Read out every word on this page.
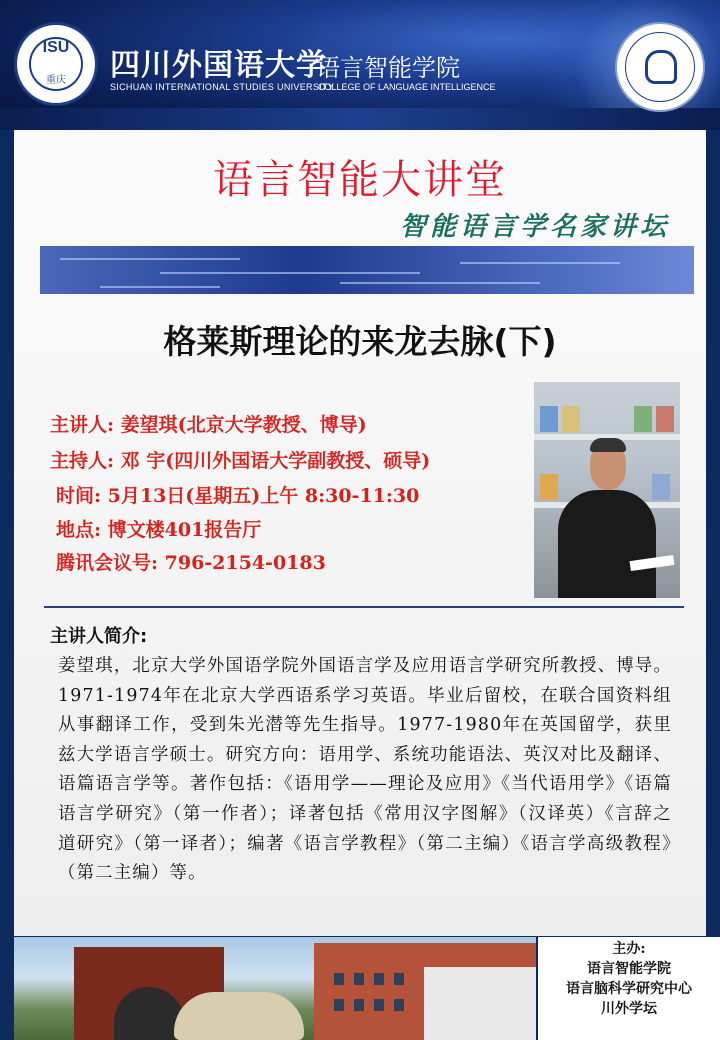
ISU
重庆	四川外国语大学
语言智能学院
SICHUAN INTERNATIONAL STUDIES UNIVERSITY
COLLEGE OF LANGUAGE INTELLIGENCE
语言智能大讲堂
智能语言学名家讲坛
格莱斯理论的来龙去脉(下)
主讲人: 姜望琪(北京大学教授、博导)
主持人: 邓 宇(四川外国语大学副教授、硕导)
时间: 5月13日(星期五)上午 8:30-11:30
地点: 博文楼401报告厅
腾讯会议号: 796-2154-0183
主讲人简介:
姜望琪，北京大学外国语学院外国语言学及应用语言学研究所教授、博导。1971-1974年在北京大学西语系学习英语。毕业后留校，在联合国资料组从事翻译工作，受到朱光潜等先生指导。1977-1980年在英国留学，获里兹大学语言学硕士。研究方向：语用学、系统功能语法、英汉对比及翻译、语篇语言学等。著作包括：《语用学——理论及应用》《当代语用学》《语篇语言学研究》（第一作者）；译著包括《常用汉字图解》（汉译英）《言辞之道研究》（第一译者）；编著《语言学教程》（第二主编）《语言学高级教程》（第二主编）等。
主办:
语言智能学院
语言脑科学研究中心
川外学坛
